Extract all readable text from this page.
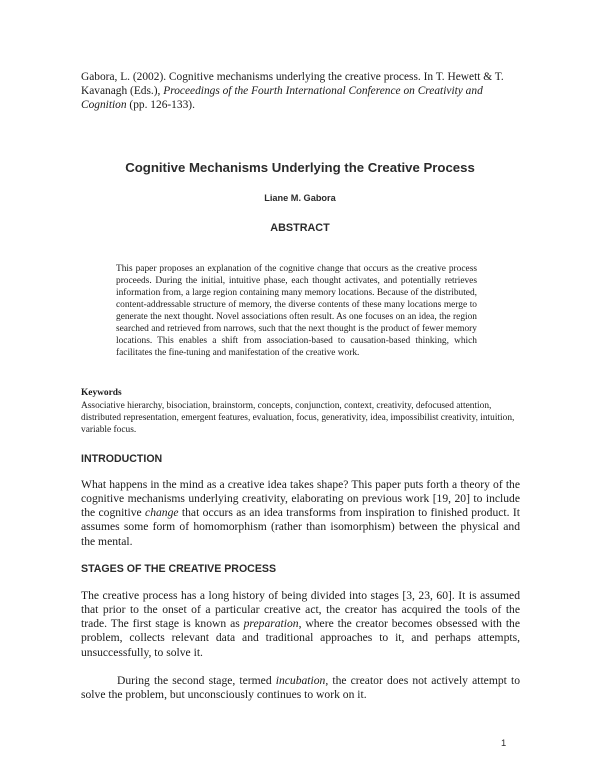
Gabora, L. (2002). Cognitive mechanisms underlying the creative process. In T. Hewett & T. Kavanagh (Eds.), Proceedings of the Fourth International Conference on Creativity and Cognition (pp. 126-133).
Cognitive Mechanisms Underlying the Creative Process
Liane M. Gabora
ABSTRACT
This paper proposes an explanation of the cognitive change that occurs as the creative process proceeds. During the initial, intuitive phase, each thought activates, and potentially retrieves information from, a large region containing many memory locations. Because of the distributed, content-addressable structure of memory, the diverse contents of these many locations merge to generate the next thought. Novel associations often result. As one focuses on an idea, the region searched and retrieved from narrows, such that the next thought is the product of fewer memory locations. This enables a shift from association-based to causation-based thinking, which facilitates the fine-tuning and manifestation of the creative work.
Keywords
Associative hierarchy, bisociation, brainstorm, concepts, conjunction, context, creativity, defocused attention, distributed representation, emergent features, evaluation, focus, generativity, idea, impossibilist creativity, intuition, variable focus.
INTRODUCTION
What happens in the mind as a creative idea takes shape? This paper puts forth a theory of the cognitive mechanisms underlying creativity, elaborating on previous work [19, 20] to include the cognitive change that occurs as an idea transforms from inspiration to finished product. It assumes some form of homomorphism (rather than isomorphism) between the physical and the mental.
STAGES OF THE CREATIVE PROCESS
The creative process has a long history of being divided into stages [3, 23, 60]. It is assumed that prior to the onset of a particular creative act, the creator has acquired the tools of the trade. The first stage is known as preparation, where the creator becomes obsessed with the problem, collects relevant data and traditional approaches to it, and perhaps attempts, unsuccessfully, to solve it.
During the second stage, termed incubation, the creator does not actively attempt to solve the problem, but unconsciously continues to work on it.
1
